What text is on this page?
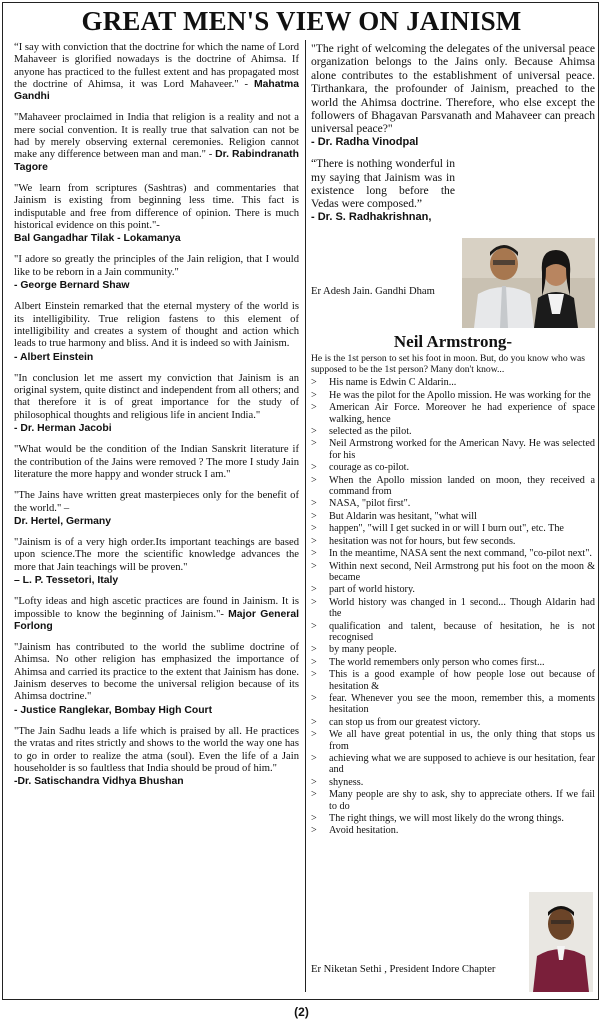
GREAT MEN'S VIEW ON JAINISM

“I say with conviction that the doctrine for which the name of Lord Mahaveer is glorified nowadays is the doctrine of Ahimsa. If anyone has practiced to the fullest extent and has propagated most the doctrine of Ahimsa, it was Lord Mahaveer." - Mahatma Gandhi

"Mahaveer proclaimed in India that religion is a reality and not a mere social convention. It is really true that salvation can not be had by merely observing external ceremonies. Religion cannot make any difference between man and man." - Dr. Rabindranath Tagore

"We learn from scriptures (Sashtras) and commentaries that Jainism is existing from beginning less time. This fact is indisputable and free from difference of opinion. There is much historical evidence on this point."-
Bal Gangadhar Tilak - Lokamanya

"I adore so greatly the principles of the Jain religion, that I would like to be reborn in a Jain community."
- George Bernard Shaw

Albert Einstein remarked that the eternal mystery of the world is its intelligibility. True religion fastens to this element of intelligibility and creates a system of thought and action which leads to true harmony and bliss. And it is indeed so with Jainism.
- Albert Einstein

"In conclusion let me assert my conviction that Jainism is an original system, quite distinct and independent from all others; and that therefore it is of great importance for the study of philosophical thoughts and religious life in ancient India."
- Dr. Herman Jacobi

"What would be the condition of the Indian Sanskrit literature if the contribution of the Jains were removed ? The more I study Jain literature the more happy and wonder struck I am."

"The Jains have written great masterpieces only for the benefit of the world." –
Dr. Hertel, Germany

"Jainism is of a very high order.Its important teachings are based upon science.The more the scientific knowledge advances the more that Jain teachings will be proven."
– L. P. Tessetori, Italy

"Lofty ideas and high ascetic practices are found in Jainism. It is impossible to know the beginning of Jainism."- Major General Forlong

"Jainism has contributed to the world the sublime doctrine of Ahimsa. No other religion has emphasized the importance of Ahimsa and carried its practice to the extent that Jainism has done. Jainism deserves to become the universal religion because of its Ahimsa doctrine."
- Justice Ranglekar, Bombay High Court

"The Jain Sadhu leads a life which is praised by all. He practices the vratas and rites strictly and shows to the world the way one has to go in order to realize the atma (soul). Even the life of a Jain householder is so faultless that India should be proud of him."
-Dr. Satischandra Vidhya Bhushan

"The right of welcoming the delegates of the universal peace organization belongs to the Jains only. Because Ahimsa alone contributes to the establishment of universal peace. Tirthankara, the profounder of Jainism, preached to the world the Ahimsa doctrine. Therefore, who else except the followers of Bhagavan Parsvanath and Mahaveer can preach universal peace?"
- Dr. Radha Vinodpal

“There is nothing wonderful in my saying that Jainism was in existence long before the Vedas were composed.”
- Dr. S. Radhakrishnan,

Er Adesh Jain. Gandhi Dham

Neil Armstrong-

He is the 1st person to set his foot in moon. But, do you know who was supposed to be the 1st person? Many don't know...

> His name is Edwin C Aldarin...
> He was the pilot for the Apollo mission. He was working for the
> American Air Force. Moreover he had experience of space walking, hence
> selected as the pilot.
> Neil Armstrong worked for the American Navy. He was selected for his
> courage as co-pilot.
> When the Apollo mission landed on moon, they received a command from
> NASA, "pilot first".
> But Aldarin was hesitant, "what will
> happen", "will I get sucked in or will I burn out", etc. The
> hesitation was not for hours, but few seconds.
> In the meantime, NASA sent the next command, "co-pilot next".
> Within next second, Neil Armstrong put his foot on the moon & became
> part of world history.
> World history was changed in 1 second... Though Aldarin had the
> qualification and talent, because of hesitation, he is not recognised
> by many people.
> The world remembers only person who comes first...
> This is a good example of how people lose out because of hesitation &
> fear. Whenever you see the moon, remember this, a moments hesitation
> can stop us from our greatest victory.
> We all have great potential in us, the only thing that stops us from
> achieving what we are supposed to achieve is our hesitation, fear and
> shyness.
> Many people are shy to ask, shy to appreciate others. If we fail to do
> The right things, we will most likely do the wrong things.
> Avoid hesitation.
Er Niketan Sethi , President Indore Chapter
(2)
